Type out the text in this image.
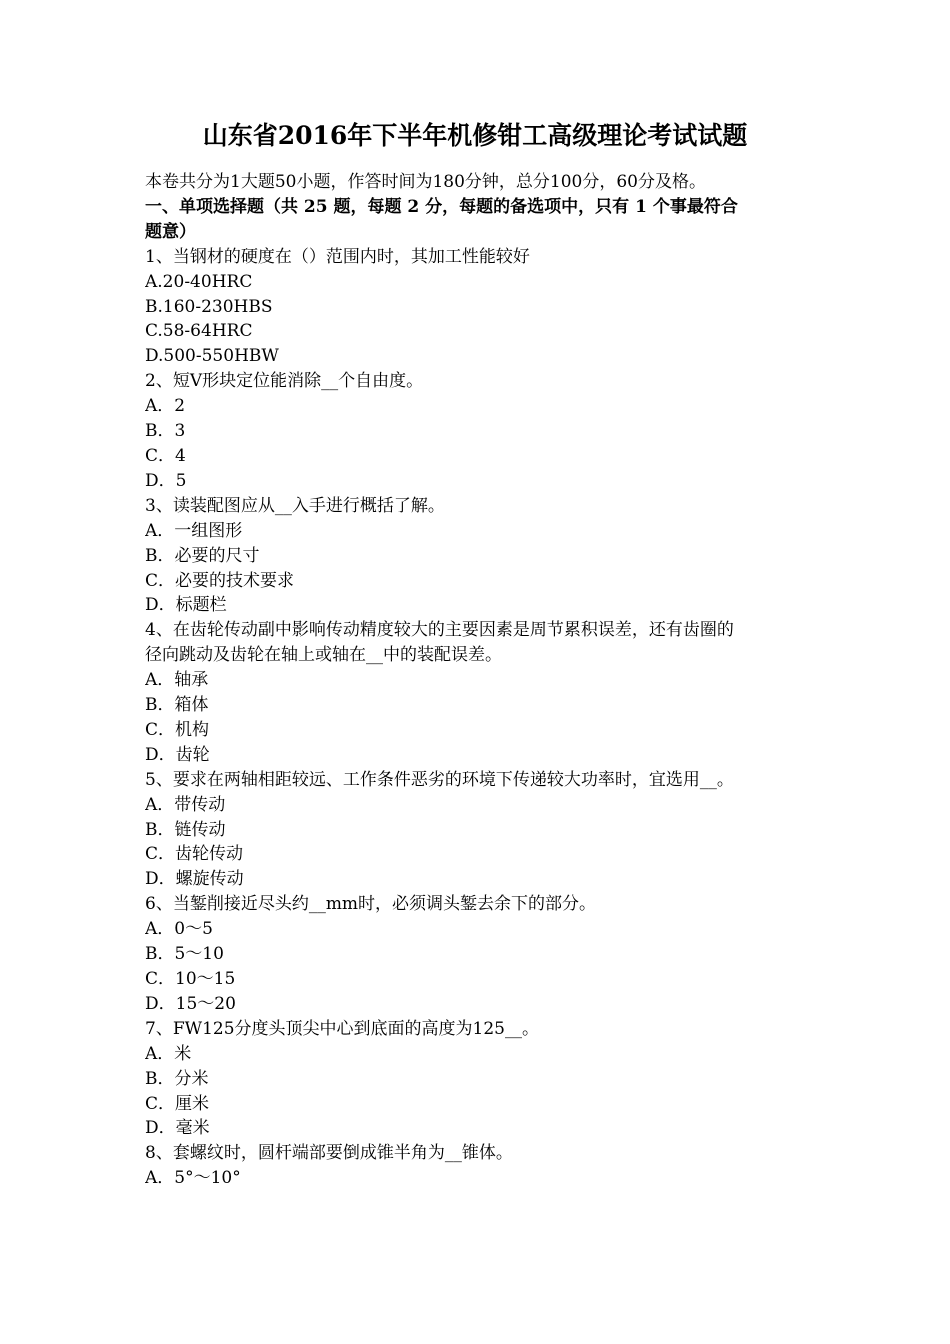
山东省2016年下半年机修钳工高级理论考试试题
本卷共分为1大题50小题，作答时间为180分钟，总分100分，60分及格。
一、单项选择题（共 25 题，每题 2 分，每题的备选项中，只有 1 个事最符合
题意）
1、当钢材的硬度在（）范围内时，其加工性能较好
A.20-40HRC
B.160-230HBS
C.58-64HRC
D.500-550HBW
2、短V形块定位能消除__个自由度。
A．2
B．3
C．4
D．5
3、读装配图应从__入手进行概括了解。
A．一组图形
B．必要的尺寸
C．必要的技术要求
D．标题栏
4、在齿轮传动副中影响传动精度较大的主要因素是周节累积误差，还有齿圈的
径向跳动及齿轮在轴上或轴在__中的装配误差。
A．轴承
B．箱体
C．机构
D．齿轮
5、要求在两轴相距较远、工作条件恶劣的环境下传递较大功率时，宜选用__。
A．带传动
B．链传动
C．齿轮传动
D．螺旋传动
6、当錾削接近尽头约__mm时，必须调头錾去余下的部分。
A．0～5
B．5～10
C．10～15
D．15～20
7、FW125分度头顶尖中心到底面的高度为125__。
A．米
B．分米
C．厘米
D．毫米
8、套螺纹时，圆杆端部要倒成锥半角为__锥体。
A．5°～10°
